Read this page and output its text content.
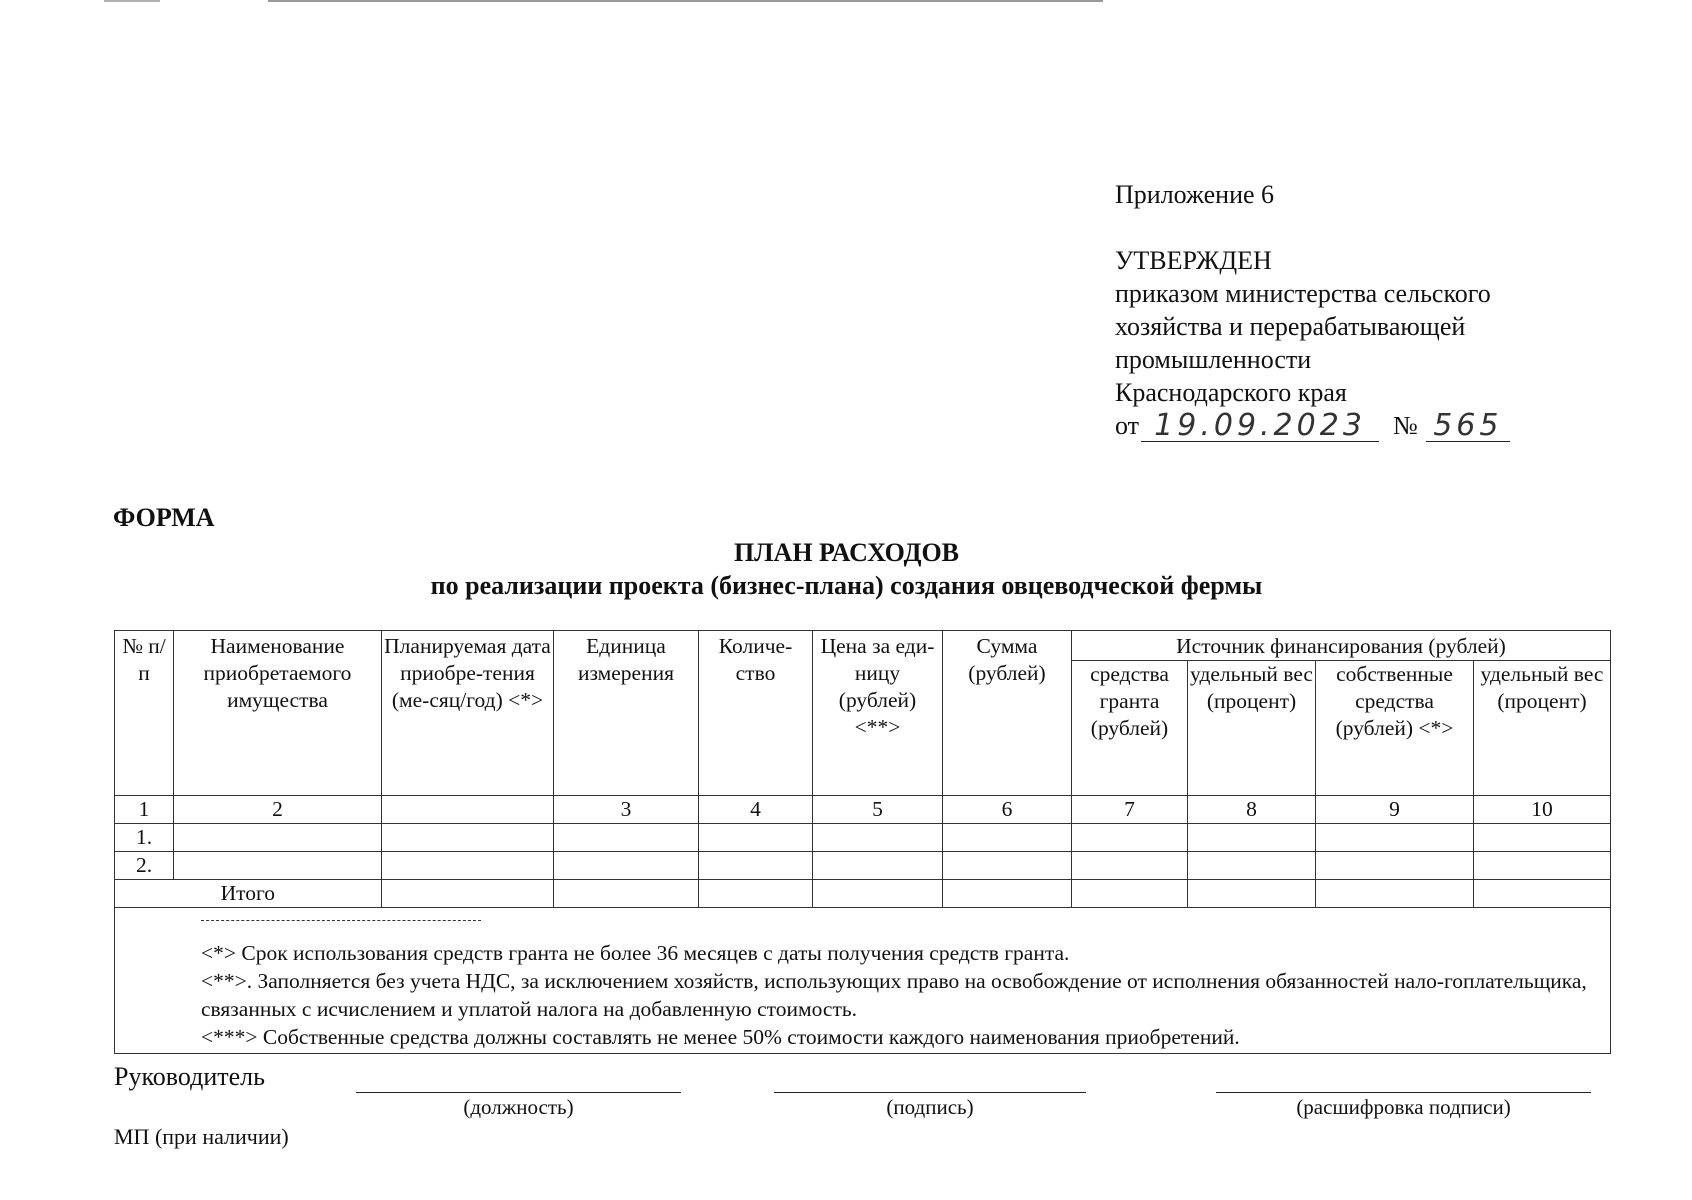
Приложение 6
УТВЕРЖДЕН
приказом министерства сельского
хозяйства и перерабатывающей
промышленности
Краснодарского края
от 19.09.2023	№ 565
ФОРМА
ПЛАН РАСХОДОВ
по реализации проекта (бизнес-плана) создания овцеводческой фермы
№ п/п	Наименование приобретаемого имущества	Планируемая дата приобре-тения (ме-сяц/год) <*>	Единица измерения	Количе-ство	Цена за еди-ницу (рублей) <**>	Сумма (рублей)	Источник финансирования (рублей)			
							средства гранта (рублей)	удельный вес (процент)	собственные средства (рублей) <*>	удельный вес (процент)
1	2		3	4	5	6	7	8	9	10
1.										
2.										
Итого										

<*> Срок использования средств гранта не более 36 месяцев с даты получения средств гранта.

<**>. Заполняется без учета НДС, за исключением хозяйств, использующих право на освобождение от исполнения обязанностей нало-гоплательщика, связанных с исчислением и уплатой налога на добавленную стоимость.

<***> Собственные средства должны составлять не менее 50% стоимости каждого наименования приобретений.										

Руководитель
(должность)	(подпись)	(расшифровка подписи)
МП (при наличии)
